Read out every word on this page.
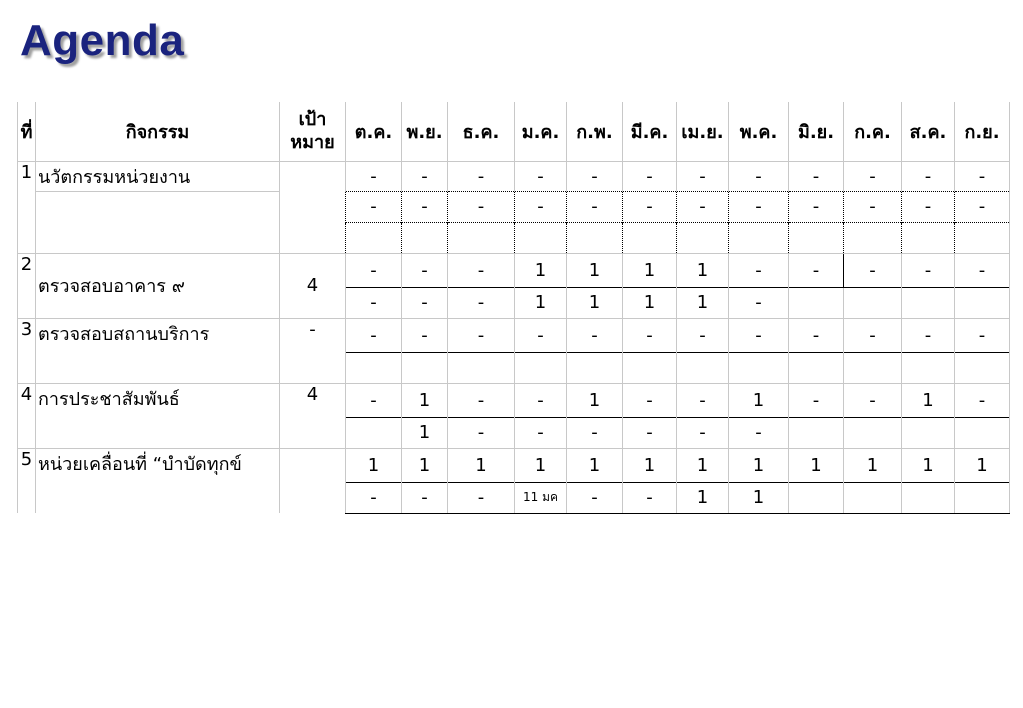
Agenda
ที่	กิจกรรม	เป้าหมาย	ต.ค.	พ.ย.	ธ.ค.	ม.ค.	ก.พ.	มี.ค.	เม.ย.	พ.ค.	มิ.ย.	ก.ค.	ส.ค.	ก.ย.
1	นวัตกรรมหน่วยงาน		-	-	-	-	-	-	-	-	-	-	-	-
			-	-	-	-	-	-	-	-	-	-	-	-

2	ตรวจสอบอาคาร ๙	4	-	-	-	1	1	1	1	-	-	-	-	-
			-	-	-	1	1	1	1	-				
3	ตรวจสอบสถานบริการ	-	-	-	-	-	-	-	-	-	-	-	-	-

4	การประชาสัมพันธ์	4	-	1	-	-	1	-	-	1	-	-	1	-
				1	-	-	-	-	-	-				
5	หน่วยเคลื่อนที่ “บำบัดทุกข์		1	1	1	1	1	1	1	1	1	1	1	1
			-	-	-	11 มค	-	-	1	1				
